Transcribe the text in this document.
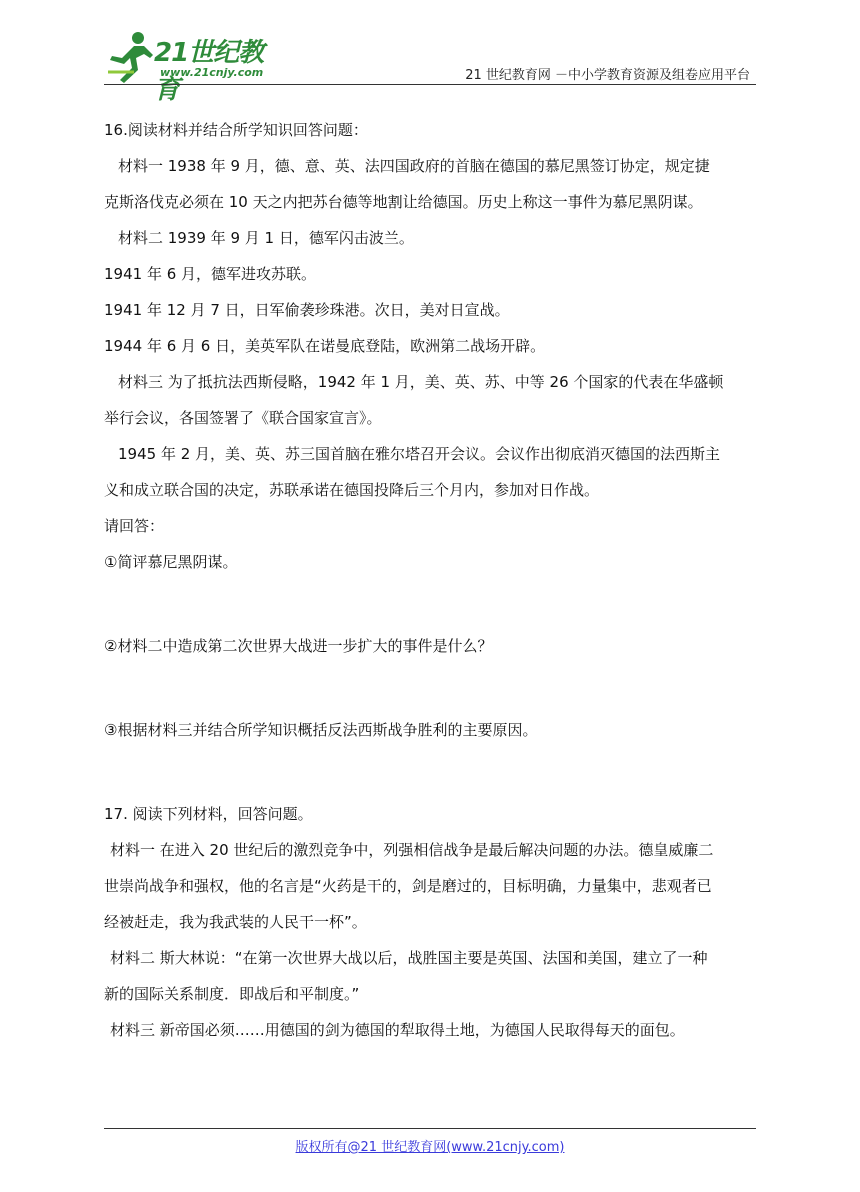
21世纪教育
www.21cnjy.com	21 世纪教育网 －中小学教育资源及组卷应用平台
16.阅读材料并结合所学知识回答问题：
材料一 1938 年 9 月，德、意、英、法四国政府的首脑在德国的慕尼黑签订协定，规定捷
克斯洛伐克必须在 10 天之内把苏台德等地割让给德国。历史上称这一事件为慕尼黑阴谋。
材料二 1939 年 9 月 1 日，德军闪击波兰。
1941 年 6 月，德军进攻苏联。
1941 年 12 月 7 日，日军偷袭珍珠港。次日，美对日宣战。
1944 年 6 月 6 日，美英军队在诺曼底登陆，欧洲第二战场开辟。
材料三 为了抵抗法西斯侵略，1942 年 1 月，美、英、苏、中等 26 个国家的代表在华盛顿
举行会议，各国签署了《联合国家宣言》。
1945 年 2 月，美、英、苏三国首脑在雅尔塔召开会议。会议作出彻底消灭德国的法西斯主
义和成立联合国的决定，苏联承诺在德国投降后三个月内，参加对日作战。
请回答：
①简评慕尼黑阴谋。
②材料二中造成第二次世界大战进一步扩大的事件是什么？
③根据材料三并结合所学知识概括反法西斯战争胜利的主要原因。
17. 阅读下列材料，回答问题。
材料一 在进入 20 世纪后的激烈竞争中，列强相信战争是最后解决问题的办法。德皇威廉二
世崇尚战争和强权，他的名言是“火药是干的，剑是磨过的，目标明确，力量集中，悲观者已
经被赶走，我为我武装的人民干一杯”。
材料二 斯大林说：“在第一次世界大战以后，战胜国主要是英国、法国和美国，建立了一种
新的国际关系制度．即战后和平制度。”
材料三 新帝国必须……用德国的剑为德国的犁取得土地，为德国人民取得每天的面包。
版权所有@21 世纪教育网(www.21cnjy.com)
